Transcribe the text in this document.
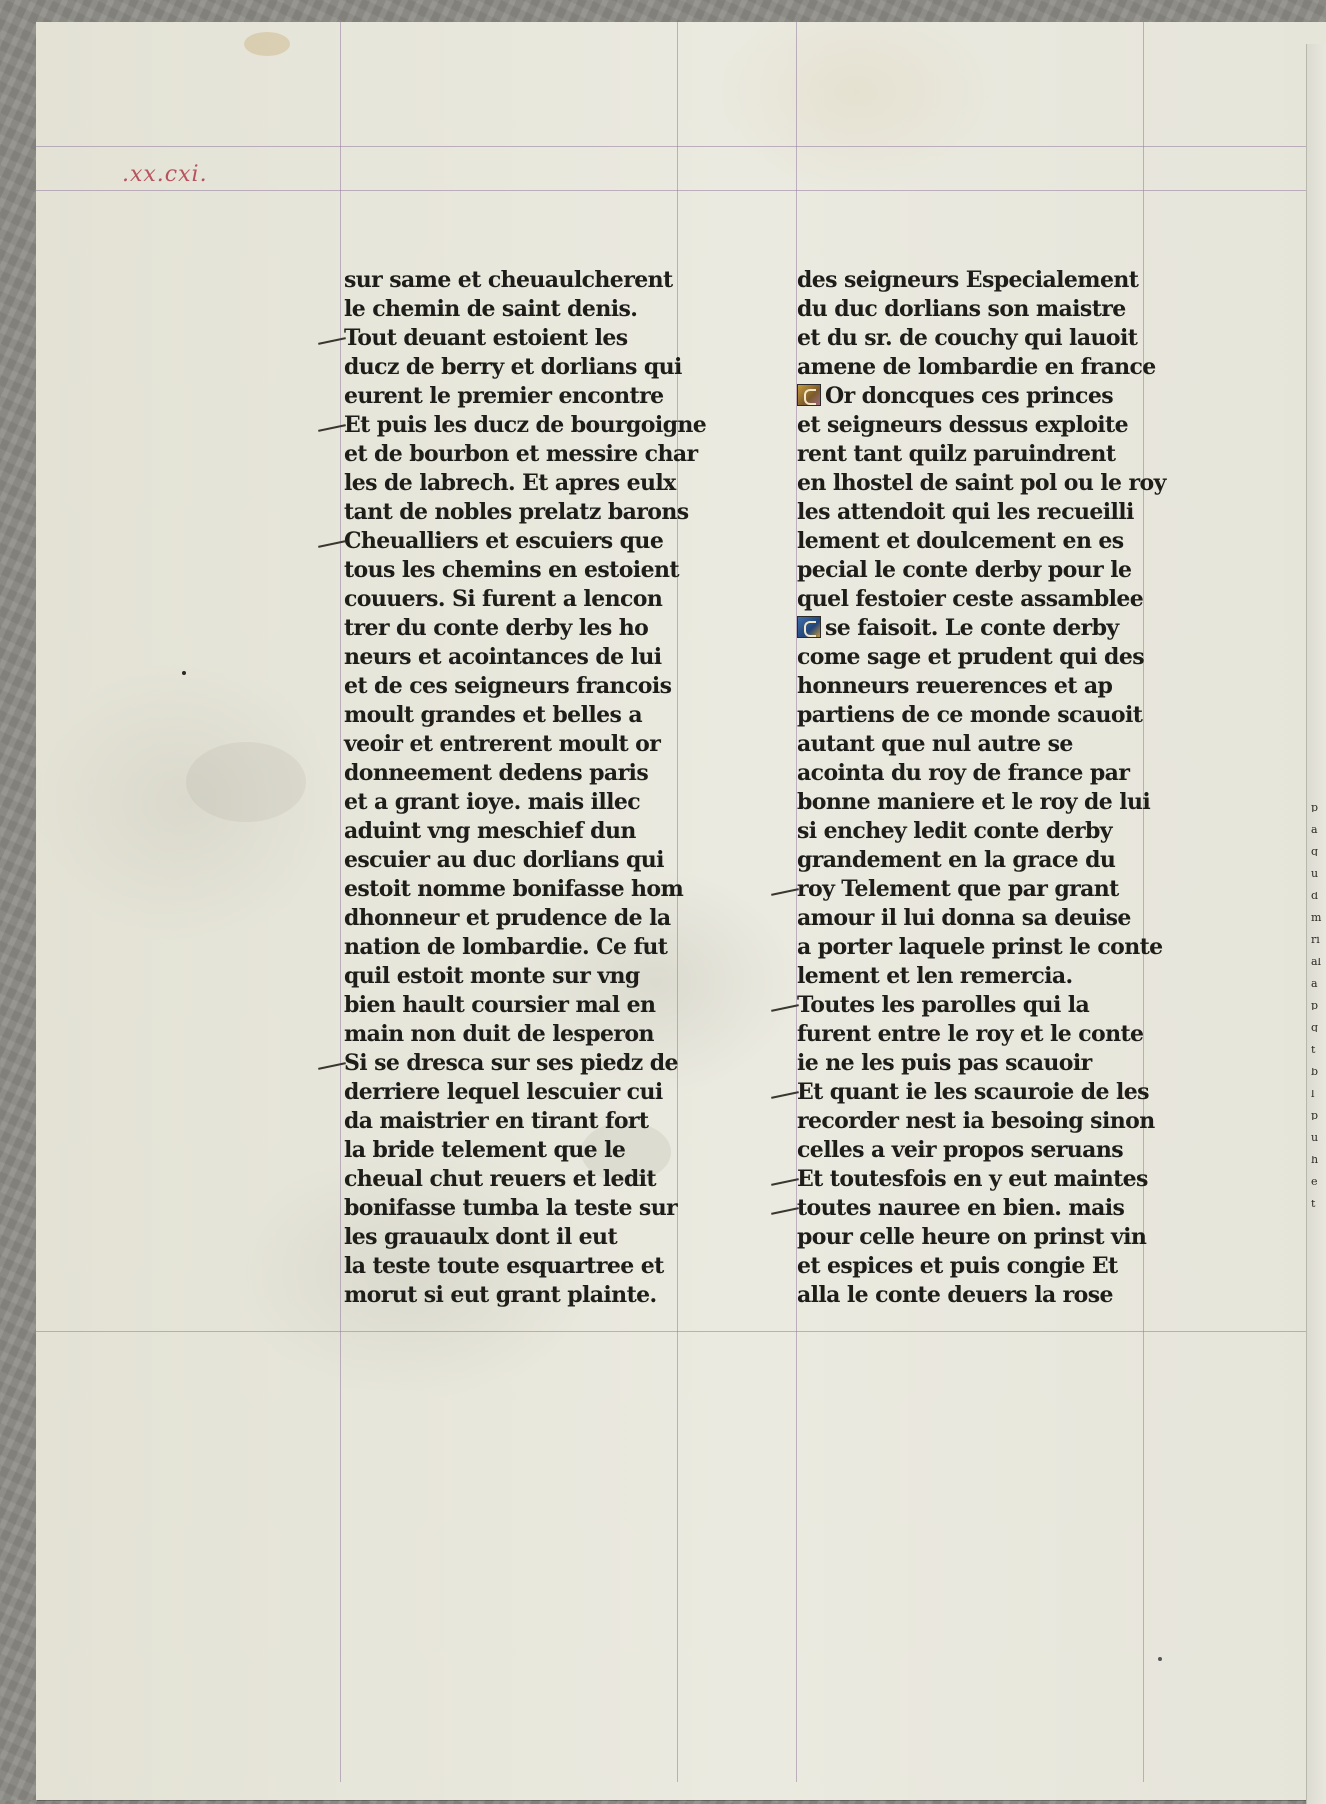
.xx.cxi.
sur same et cheuaulcherent
le chemin de saint denis.
Tout deuant estoient les
ducz de berry et dorlians qui
eurent le premier encontre
Et puis les ducz de bourgoigne
et de bourbon et messire char
les de labrech. Et apres eulx
tant de nobles prelatz barons
Cheualliers et escuiers que
tous les chemins en estoient
couuers. Si furent a lencon
trer du conte derby les ho
neurs et acointances de lui
et de ces seigneurs francois
moult grandes et belles a
veoir et entrerent moult or
donneement dedens paris
et a grant ioye. mais illec
aduint vng meschief dun
escuier au duc dorlians qui
estoit nomme bonifasse hom
dhonneur et prudence de la
nation de lombardie. Ce fut
quil estoit monte sur vng
bien hault coursier mal en
main non duit de lesperon
Si se dresca sur ses piedz de
derriere lequel lescuier cui
da maistrier en tirant fort
la bride telement que le
cheual chut reuers et ledit
bonifasse tumba la teste sur
les grauaulx dont il eut
la teste toute esquartree et
morut si eut grant plainte.
des seigneurs Especialement
du duc dorlians son maistre
et du sr. de couchy qui lauoit
amene de lombardie en france
Or doncques ces princes
et seigneurs dessus exploite
rent tant quilz paruindrent
en lhostel de saint pol ou le roy
les attendoit qui les recueilli
lement et doulcement en es
pecial le conte derby pour le
quel festoier ceste assamblee
se faisoit. Le conte derby
come sage et prudent qui des
honneurs reuerences et ap
partiens de ce monde scauoit
autant que nul autre se
acointa du roy de france par
bonne maniere et le roy de lui
si enchey ledit conte derby
grandement en la grace du
roy Telement que par grant
amour il lui donna sa deuise
a porter laquele prinst le conte
lement et len remercia.
Toutes les parolles qui la
furent entre le roy et le conte
ie ne les puis pas scauoir
Et quant ie les scauroie de les
recorder nest ia besoing sinon
celles a veir propos seruans
Et toutesfois en y eut maintes
toutes nauree en bien. mais
pour celle heure on prinst vin
et espices et puis congie Et
alla le conte deuers la rose
p
a
q
u
d
m
ri
al
a
p
q
t
b
l
p
u
h
e
t
